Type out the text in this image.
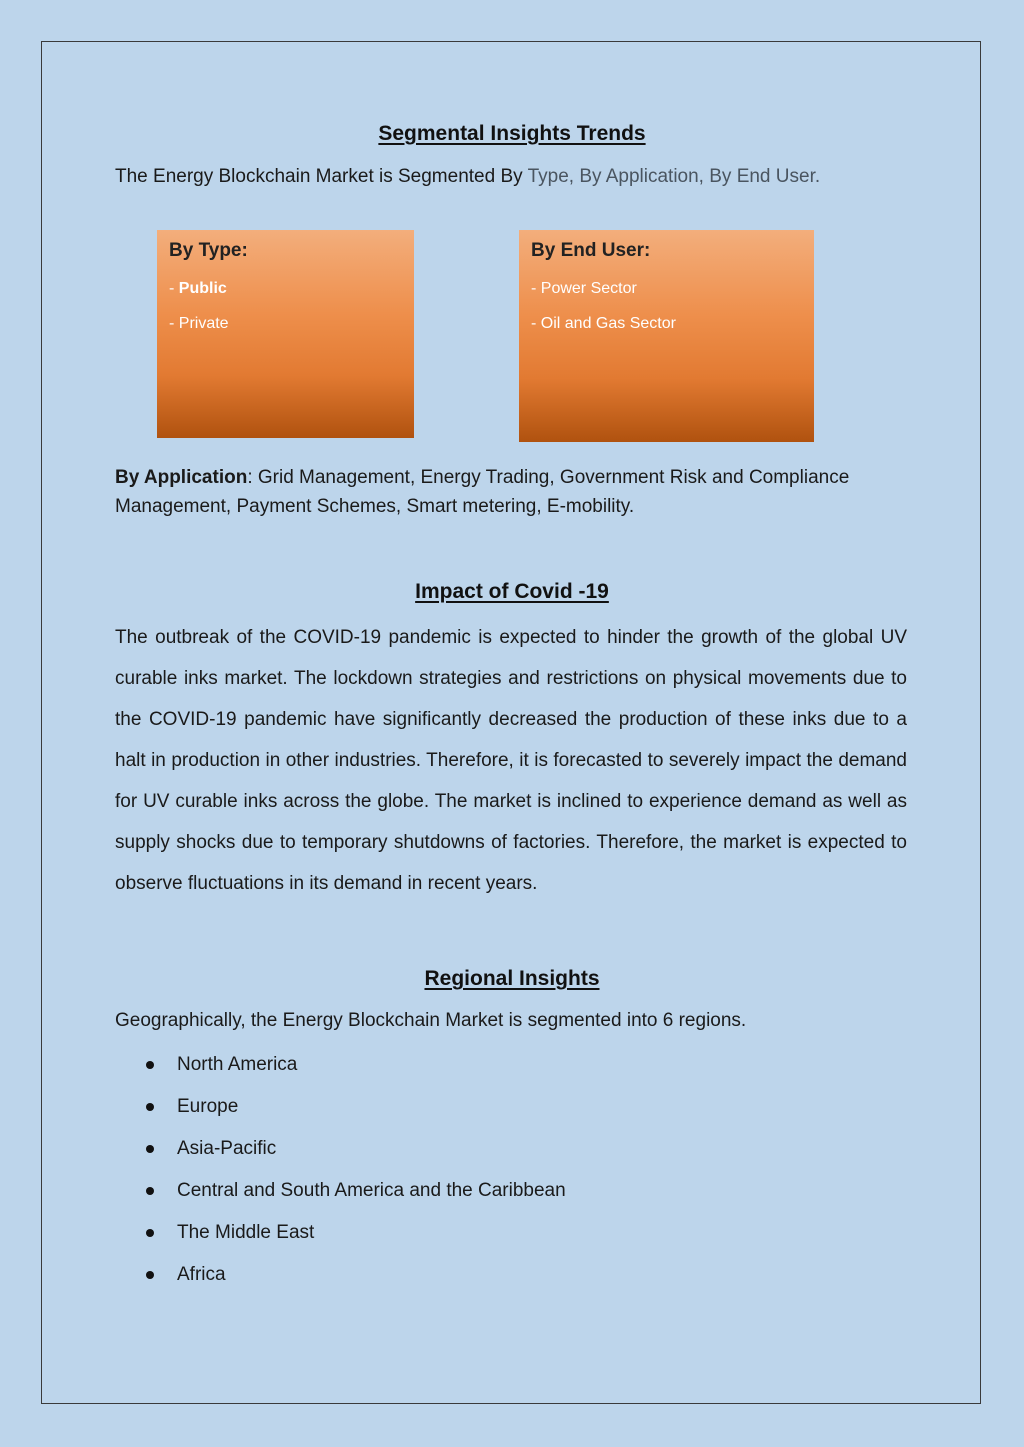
Segmental Insights Trends

The Energy Blockchain Market is Segmented By Type, By Application, By End User.

By Type:
- Public
- Private
By End User:
- Power Sector
- Oil and Gas Sector

By Application: Grid Management, Energy Trading, Government Risk and Compliance Management, Payment Schemes, Smart metering, E-mobility.

Impact of Covid -19

The outbreak of the COVID-19 pandemic is expected to hinder the growth of the global UV curable inks market. The lockdown strategies and restrictions on physical movements due to the COVID-19 pandemic have significantly decreased the production of these inks due to a halt in production in other industries. Therefore, it is forecasted to severely impact the demand for UV curable inks across the globe. The market is inclined to experience demand as well as supply shocks due to temporary shutdowns of factories. Therefore, the market is expected to observe fluctuations in its demand in recent years.

Regional Insights

Geographically, the Energy Blockchain Market is segmented into 6 regions.

North America
Europe
Asia-Pacific
Central and South America and the Caribbean
The Middle East
Africa
